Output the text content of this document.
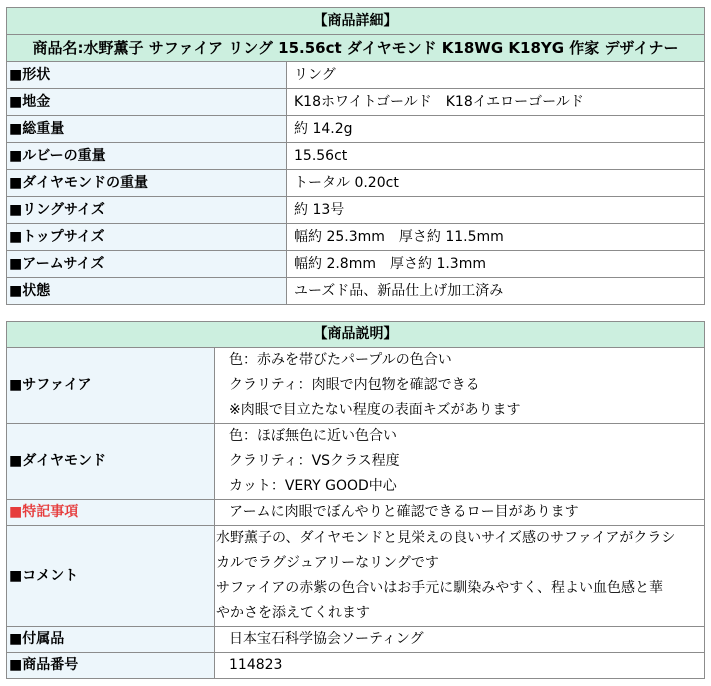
【商品詳細】	
商品名:水野薫子 サファイア リング 15.56ct ダイヤモンド K18WG K18YG 作家 デザイナー	
■形状	リング
■地金	K18ホワイトゴールド　K18イエローゴールド
■総重量	約 14.2g
■ルビーの重量	15.56ct
■ダイヤモンドの重量	トータル 0.20ct
■リングサイズ	約 13号
■トップサイズ	幅約 25.3mm　厚さ約 11.5mm
■アームサイズ	幅約 2.8mm　厚さ約 1.3mm
■状態	ユーズド品、新品仕上げ加工済み
【商品説明】	
■サファイア	色：赤みを帯びたパープルの色合い
クラリティ：肉眼で内包物を確認できる
※肉眼で目立たない程度の表面キズがあります

■ダイヤモンド	色：ほぼ無色に近い色合い
クラリティ：VSクラス程度
カット：VERY GOOD中心

■特記事項	アームに肉眼でぼんやりと確認できるロー目があります
■コメント	水野薫子の、ダイヤモンドと見栄えの良いサイズ感のサファイアがクラシ
カルでラグジュアリーなリングです
サファイアの赤紫の色合いはお手元に馴染みやすく、程よい血色感と華
やかさを添えてくれます

■付属品	日本宝石科学協会ソーティング
■商品番号	114823
